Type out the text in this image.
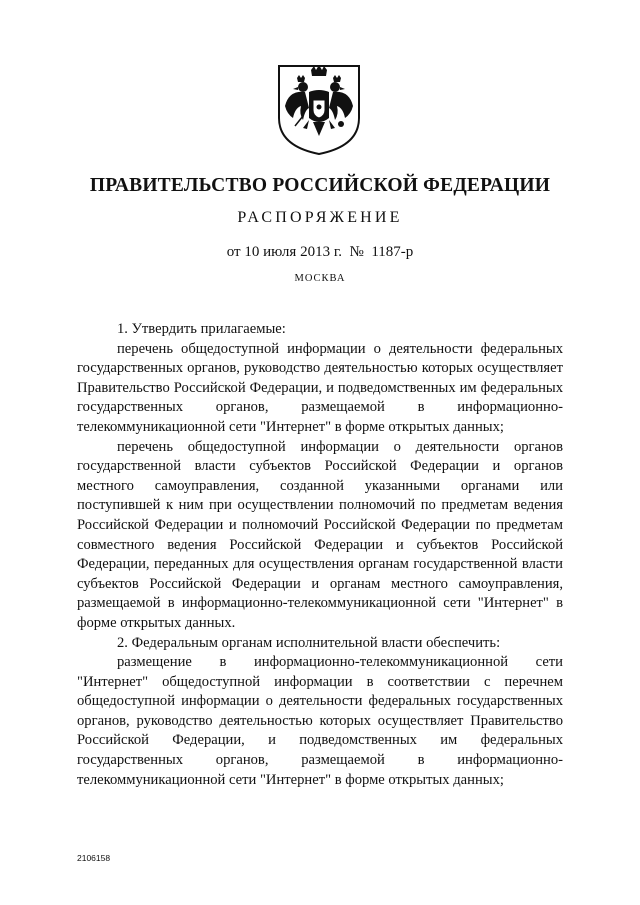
ПРАВИТЕЛЬСТВО РОССИЙСКОЙ ФЕДЕРАЦИИ
РАСПОРЯЖЕНИЕ
от 10 июля 2013 г.  №  1187-р
МОСКВА

1. Утвердить прилагаемые:

перечень общедоступной информации о деятельности федеральных государственных органов, руководство деятельностью которых осуществляет Правительство Российской Федерации, и подведомственных им федеральных государственных органов, размещаемой в информационно-телекоммуникационной сети "Интернет" в форме открытых данных;

перечень общедоступной информации о деятельности органов государственной власти субъектов Российской Федерации и органов местного самоуправления, созданной указанными органами или поступившей к ним при осуществлении полномочий по предметам ведения Российской Федерации и полномочий Российской Федерации по предметам совместного ведения Российской Федерации и субъектов Российской Федерации, переданных для осуществления органам государственной власти субъектов Российской Федерации и органам местного самоуправления, размещаемой в информационно-телекоммуникационной сети "Интернет" в форме открытых данных.

2. Федеральным органам исполнительной власти обеспечить:

размещение в информационно-телекоммуникационной сети "Интернет" общедоступной информации в соответствии с перечнем общедоступной информации о деятельности федеральных государственных органов, руководство деятельностью которых осуществляет Правительство Российской Федерации, и подведомственных им федеральных государственных органов, размещаемой в информационно-телекоммуникационной сети "Интернет" в форме открытых данных;

2106158
